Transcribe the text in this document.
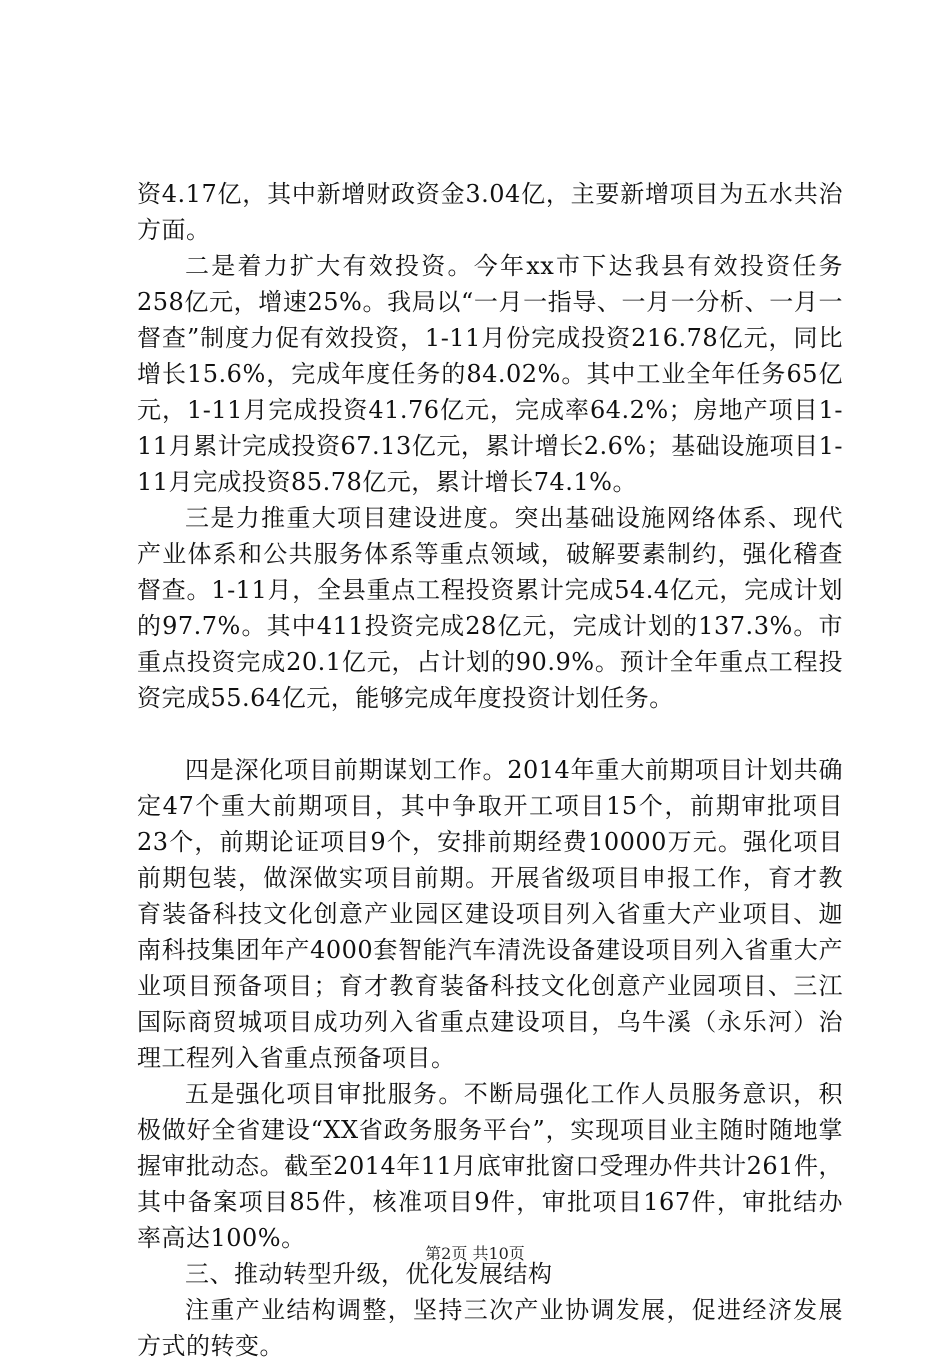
资4.17亿，其中新增财政资金3.04亿，主要新增项目为五水共治方面。

二是着力扩大有效投资。今年xx市下达我县有效投资任务258亿元，增速25%。我局以“一月一指导、一月一分析、一月一督查”制度力促有效投资，1-11月份完成投资216.78亿元，同比增长15.6%，完成年度任务的84.02%。其中工业全年任务65亿元，1-11月完成投资41.76亿元，完成率64.2%；房地产项目1-11月累计完成投资67.13亿元，累计增长2.6%；基础设施项目1-11月完成投资85.78亿元，累计增长74.1%。

三是力推重大项目建设进度。突出基础设施网络体系、现代产业体系和公共服务体系等重点领域，破解要素制约，强化稽查督查。1-11月，全县重点工程投资累计完成54.4亿元，完成计划的97.7%。其中411投资完成28亿元，完成计划的137.3%。市重点投资完成20.1亿元，占计划的90.9%。预计全年重点工程投资完成55.64亿元，能够完成年度投资计划任务。

四是深化项目前期谋划工作。2014年重大前期项目计划共确定47个重大前期项目，其中争取开工项目15个，前期审批项目23个，前期论证项目9个，安排前期经费10000万元。强化项目前期包装，做深做实项目前期。开展省级项目申报工作，育才教育装备科技文化创意产业园区建设项目列入省重大产业项目、迦南科技集团年产4000套智能汽车清洗设备建设项目列入省重大产业项目预备项目；育才教育装备科技文化创意产业园项目、三江国际商贸城项目成功列入省重点建设项目，乌牛溪（永乐河）治理工程列入省重点预备项目。

五是强化项目审批服务。不断局强化工作人员服务意识，积极做好全省建设“XX省政务服务平台”，实现项目业主随时随地掌握审批动态。截至2014年11月底审批窗口受理办件共计261件，其中备案项目85件，核准项目9件，审批项目167件，审批结办率高达100%。

三、推动转型升级，优化发展结构

注重产业结构调整，坚持三次产业协调发展，促进经济发展方式的转变。

第2页 共10页
